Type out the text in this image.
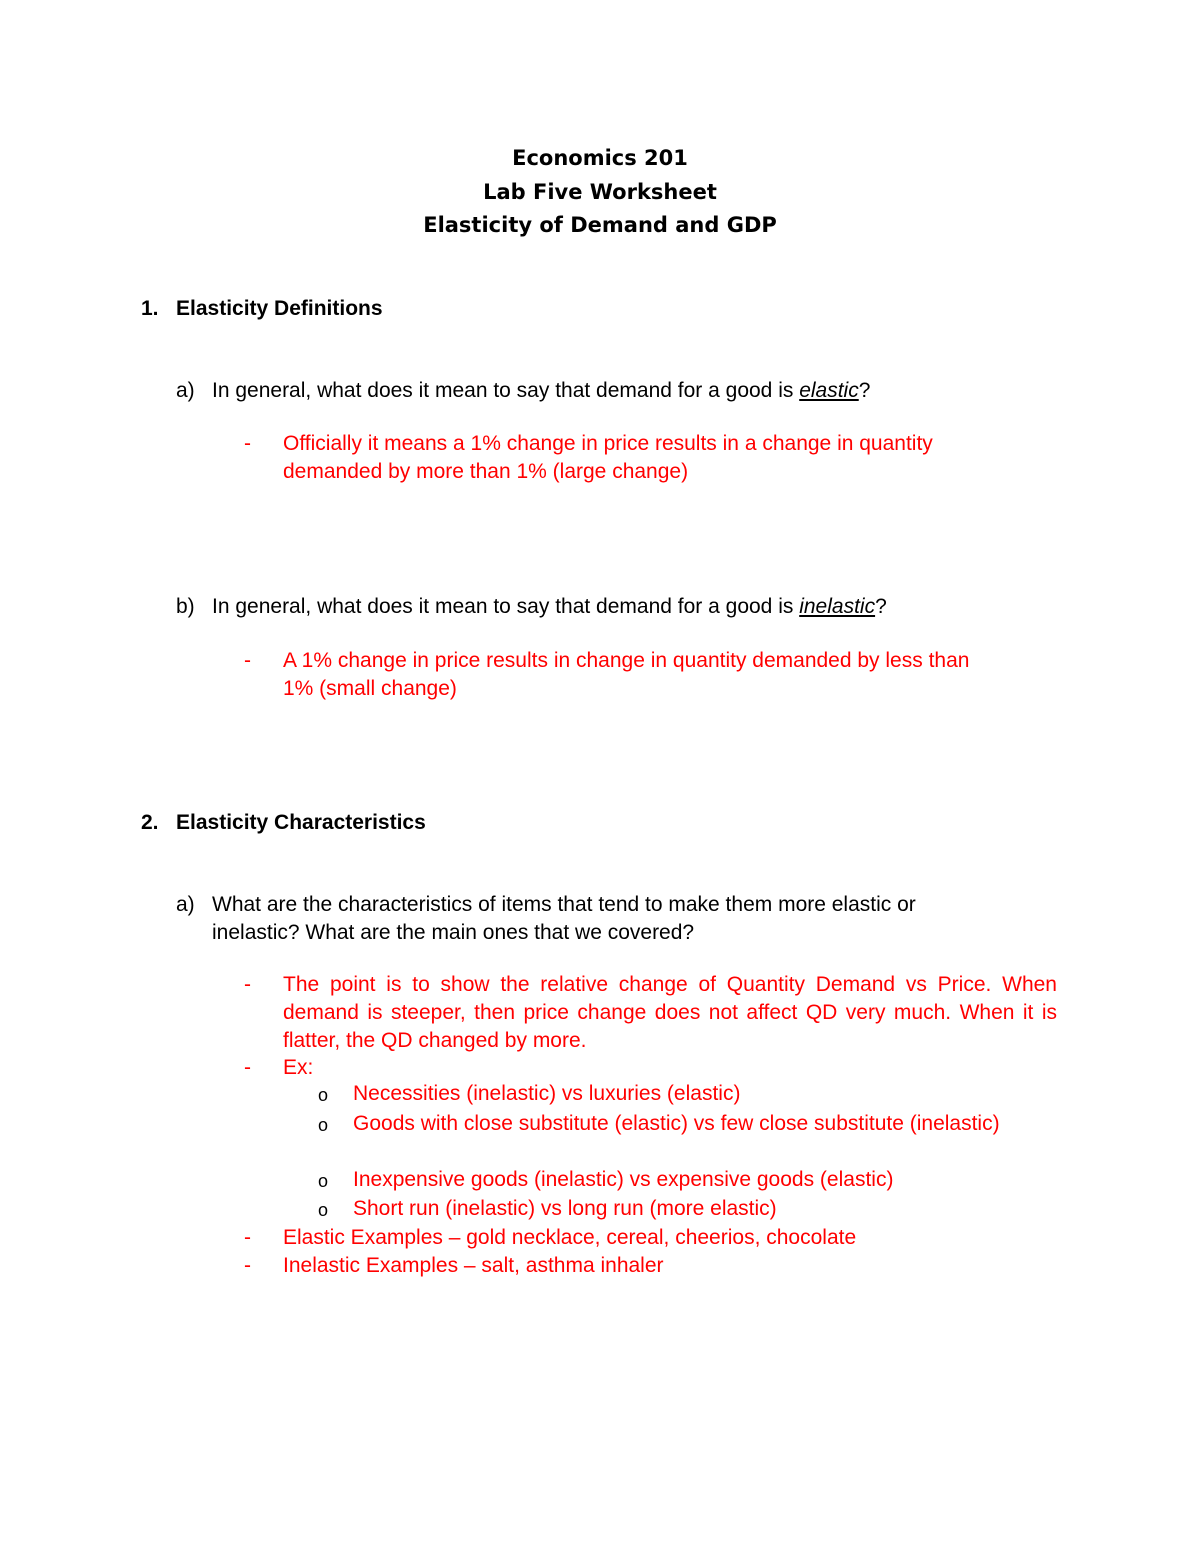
Economics 201
Lab Five Worksheet
Elasticity of Demand and GDP
1. Elasticity Definitions
a) In general, what does it mean to say that demand for a good is elastic?
- Officially it means a 1% change in price results in a change in quantity
demanded by more than 1% (large change)
b) In general, what does it mean to say that demand for a good is inelastic?
- A 1% change in price results in change in quantity demanded by less than
1% (small change)
2. Elasticity Characteristics
a) What are the characteristics of items that tend to make them more elastic or
inelastic? What are the main ones that we covered?
- The point is to show the relative change of Quantity Demand vs Price. When demand is steeper, then price change does not affect QD very much. When it is flatter, the QD changed by more.
- Ex:
o Necessities (inelastic) vs luxuries (elastic)
o Goods with close substitute (elastic) vs few close substitute (inelastic)
o Inexpensive goods (inelastic) vs expensive goods (elastic)
o Short run (inelastic) vs long run (more elastic)
- Elastic Examples – gold necklace, cereal, cheerios, chocolate
- Inelastic Examples – salt, asthma inhaler
